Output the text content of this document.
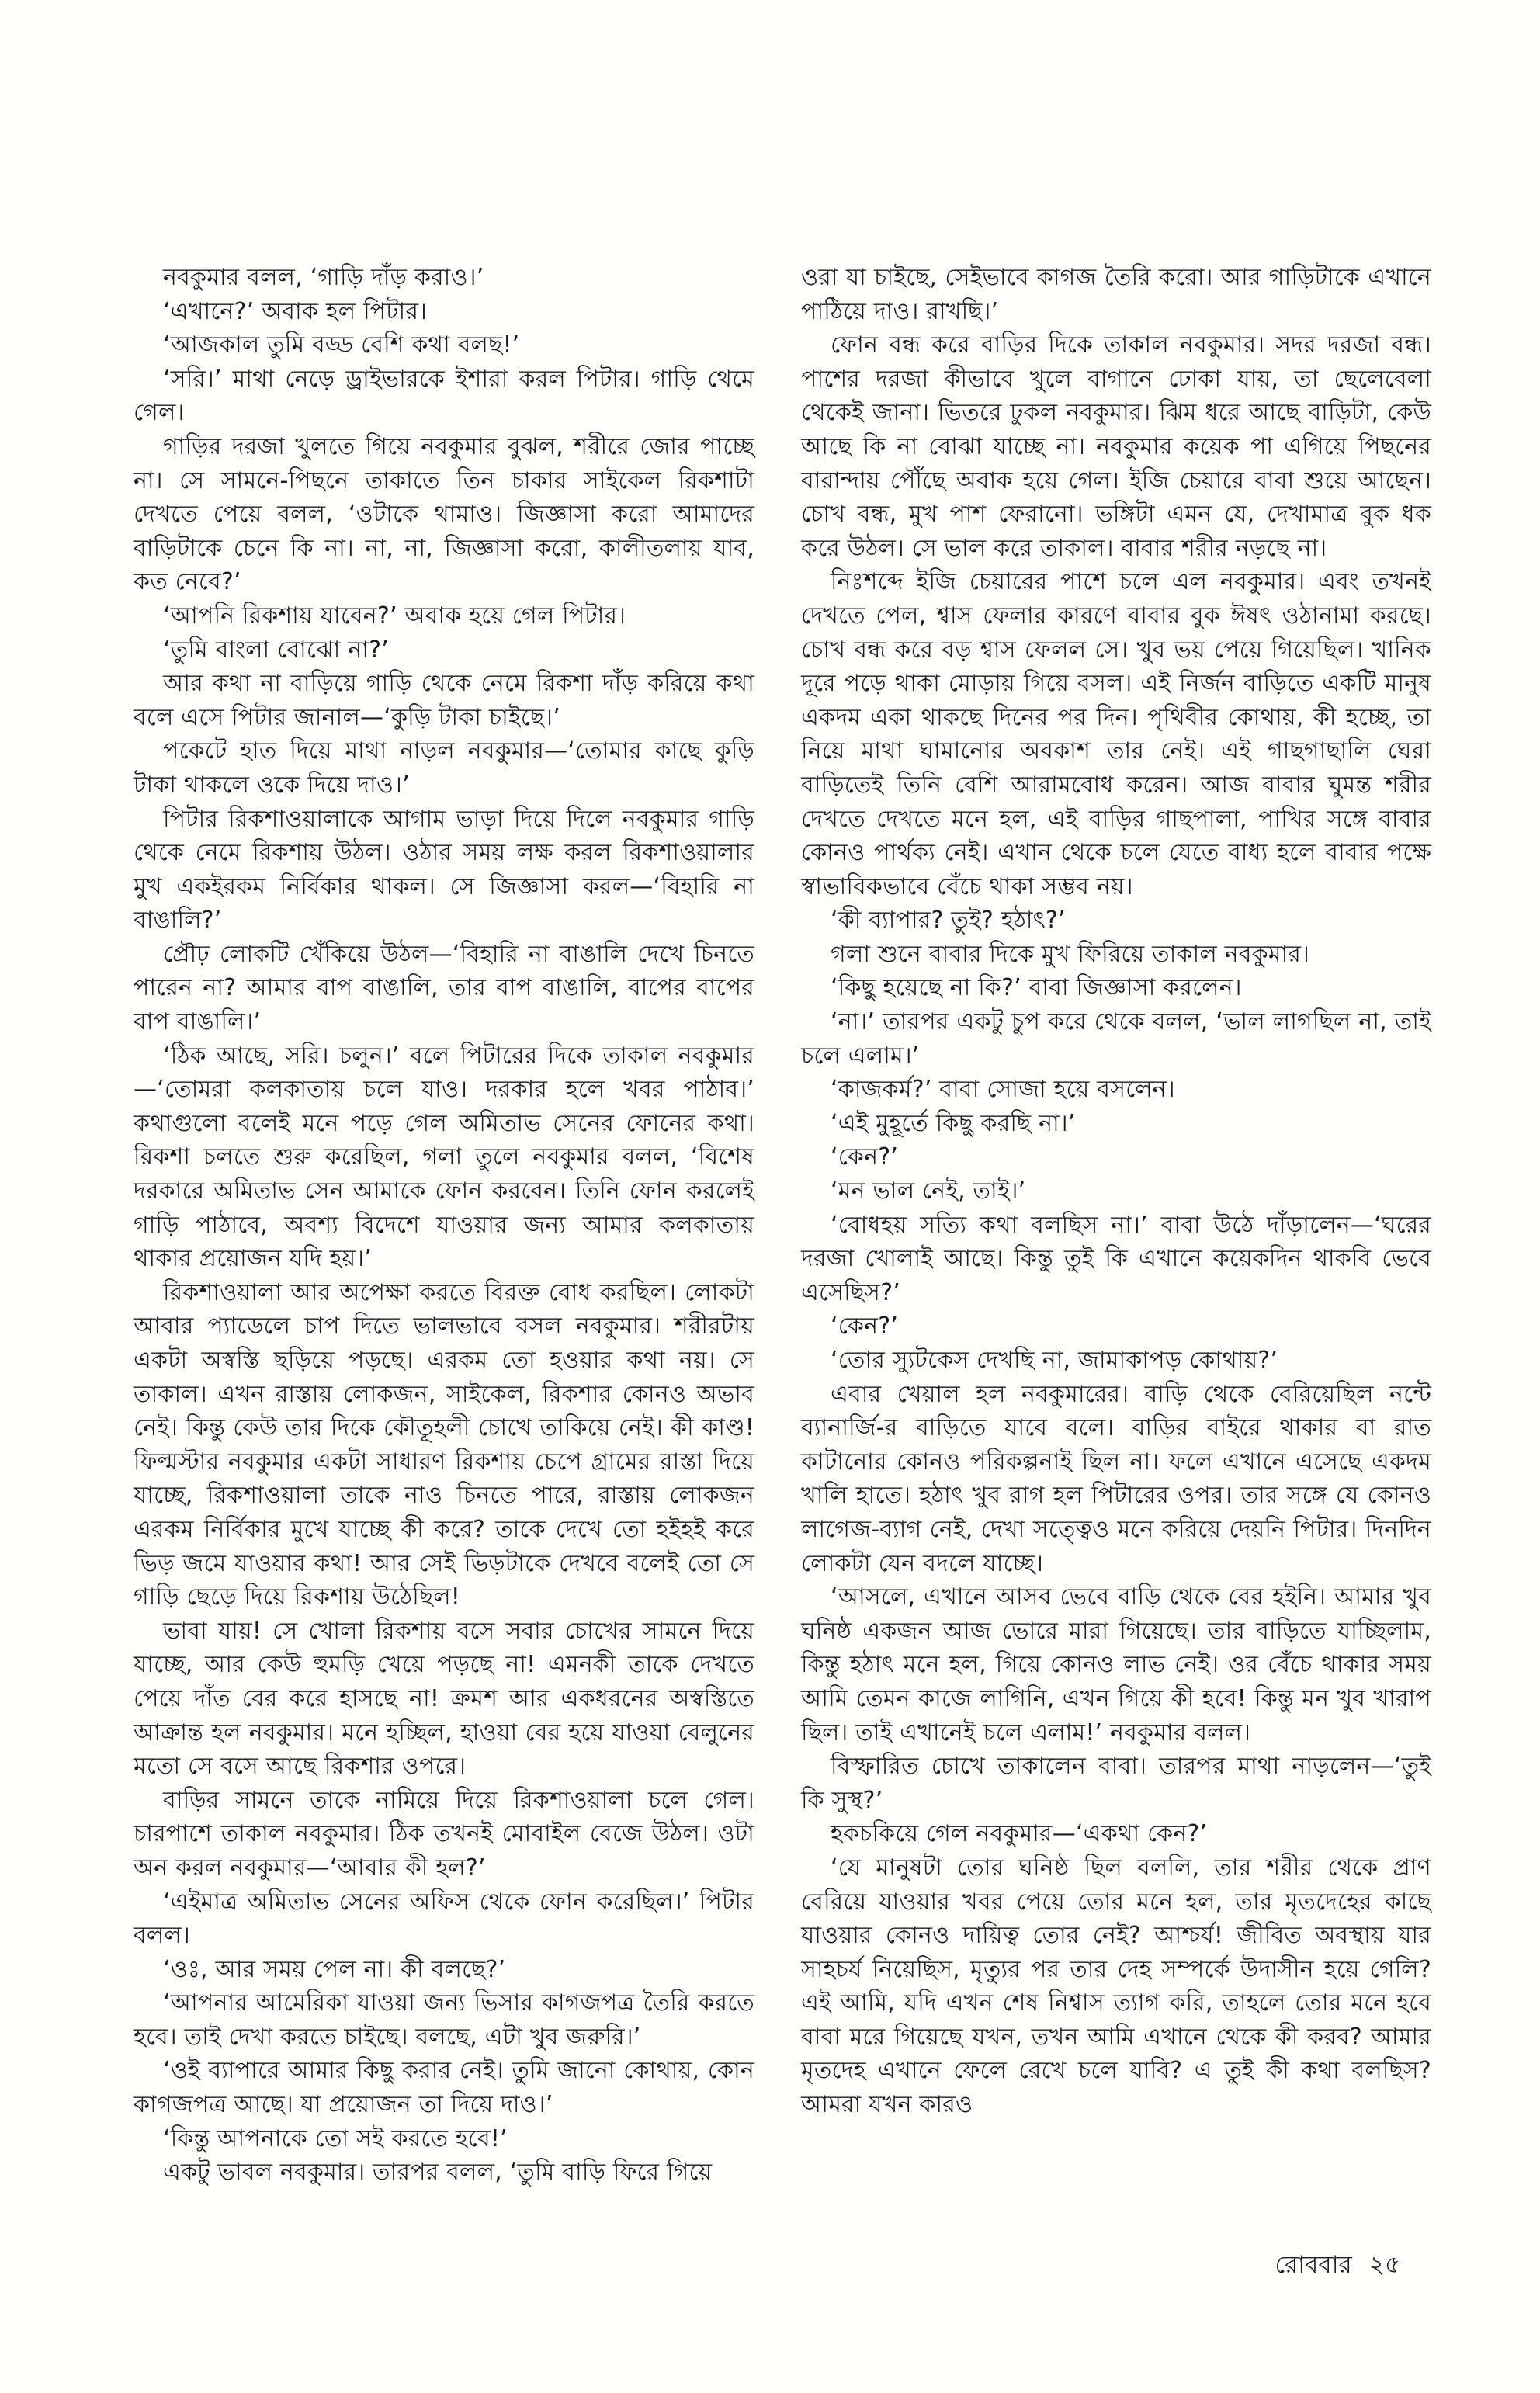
নবকুমার বলল, ‘গাড়ি দাঁড় করাও।’

‘এখানে?’ অবাক হল পিটার।

‘আজকাল তুমি বড্ড বেশি কথা বলছ!’

‘সরি।’ মাথা নেড়ে ড্রাইভারকে ইশারা করল পিটার। গাড়ি থেমে গেল।

গাড়ির দরজা খুলতে গিয়ে নবকুমার বুঝল, শরীরে জোর পাচ্ছে না। সে সামনে-পিছনে তাকাতে তিন চাকার সাইকেল রিকশাটা দেখতে পেয়ে বলল, ‘ওটাকে থামাও। জিজ্ঞাসা করো আমাদের বাড়িটাকে চেনে কি না। না, না, জিজ্ঞাসা করো, কালীতলায় যাব, কত নেবে?’

‘আপনি রিকশায় যাবেন?’ অবাক হয়ে গেল পিটার।

‘তুমি বাংলা বোঝো না?’

আর কথা না বাড়িয়ে গাড়ি থেকে নেমে রিকশা দাঁড় করিয়ে কথা বলে এসে পিটার জানাল—‘কুড়ি টাকা চাইছে।’

পকেটে হাত দিয়ে মাথা নাড়ল নবকুমার—‘তোমার কাছে কুড়ি টাকা থাকলে ওকে দিয়ে দাও।’

পিটার রিকশাওয়ালাকে আগাম ভাড়া দিয়ে দিলে নবকুমার গাড়ি থেকে নেমে রিকশায় উঠল। ওঠার সময় লক্ষ করল রিকশাওয়ালার মুখ একইরকম নির্বিকার থাকল। সে জিজ্ঞাসা করল—‘বিহারি না বাঙালি?’

প্রৌঢ় লোকটি খেঁকিয়ে উঠল—‘বিহারি না বাঙালি দেখে চিনতে পারেন না? আমার বাপ বাঙালি, তার বাপ বাঙালি, বাপের বাপের বাপ বাঙালি।’

‘ঠিক আছে, সরি। চলুন।’ বলে পিটারের দিকে তাকাল নবকুমার—‘তোমরা কলকাতায় চলে যাও। দরকার হলে খবর পাঠাব।’ কথাগুলো বলেই মনে পড়ে গেল অমিতাভ সেনের ফোনের কথা। রিকশা চলতে শুরু করেছিল, গলা তুলে নবকুমার বলল, ‘বিশেষ দরকারে অমিতাভ সেন আমাকে ফোন করবেন। তিনি ফোন করলেই গাড়ি পাঠাবে, অবশ্য বিদেশে যাওয়ার জন্য আমার কলকাতায় থাকার প্রয়োজন যদি হয়।’

রিকশাওয়ালা আর অপেক্ষা করতে বিরক্ত বোধ করছিল। লোকটা আবার প্যাডেলে চাপ দিতে ভালভাবে বসল নবকুমার। শরীরটায় একটা অস্বস্তি ছড়িয়ে পড়ছে। এরকম তো হওয়ার কথা নয়। সে তাকাল। এখন রাস্তায় লোকজন, সাইকেল, রিকশার কোনও অভাব নেই। কিন্তু কেউ তার দিকে কৌতূহলী চোখে তাকিয়ে নেই। কী কাণ্ড! ফিল্মস্টার নবকুমার একটা সাধারণ রিকশায় চেপে গ্রামের রাস্তা দিয়ে যাচ্ছে, রিকশাওয়ালা তাকে নাও চিনতে পারে, রাস্তায় লোকজন এরকম নির্বিকার মুখে যাচ্ছে কী করে? তাকে দেখে তো হইহই করে ভিড় জমে যাওয়ার কথা! আর সেই ভিড়টাকে দেখবে বলেই তো সে গাড়ি ছেড়ে দিয়ে রিকশায় উঠেছিল!

ভাবা যায়! সে খোলা রিকশায় বসে সবার চোখের সামনে দিয়ে যাচ্ছে, আর কেউ হুমড়ি খেয়ে পড়ছে না! এমনকী তাকে দেখতে পেয়ে দাঁত বের করে হাসছে না! ক্রমশ আর একধরনের অস্বস্তিতে আক্রান্ত হল নবকুমার। মনে হচ্ছিল, হাওয়া বের হয়ে যাওয়া বেলুনের মতো সে বসে আছে রিকশার ওপরে।

বাড়ির সামনে তাকে নামিয়ে দিয়ে রিকশাওয়ালা চলে গেল। চারপাশে তাকাল নবকুমার। ঠিক তখনই মোবাইল বেজে উঠল। ওটা অন করল নবকুমার—‘আবার কী হল?’

‘এইমাত্র অমিতাভ সেনের অফিস থেকে ফোন করেছিল।’ পিটার বলল।

‘ওঃ, আর সময় পেল না। কী বলছে?’

‘আপনার আমেরিকা যাওয়া জন্য ভিসার কাগজপত্র তৈরি করতে হবে। তাই দেখা করতে চাইছে। বলছে, এটা খুব জরুরি।’

‘ওই ব্যাপারে আমার কিছু করার নেই। তুমি জানো কোথায়, কোন কাগজপত্র আছে। যা প্রয়োজন তা দিয়ে দাও।’

‘কিন্তু আপনাকে তো সই করতে হবে!’

একটু ভাবল নবকুমার। তারপর বলল, ‘তুমি বাড়ি ফিরে গিয়ে

ওরা যা চাইছে, সেইভাবে কাগজ তৈরি করো। আর গাড়িটাকে এখানে পাঠিয়ে দাও। রাখছি।’

ফোন বন্ধ করে বাড়ির দিকে তাকাল নবকুমার। সদর দরজা বন্ধ। পাশের দরজা কীভাবে খুলে বাগানে ঢোকা যায়, তা ছেলেবেলা থেকেই জানা। ভিতরে ঢুকল নবকুমার। ঝিম ধরে আছে বাড়িটা, কেউ আছে কি না বোঝা যাচ্ছে না। নবকুমার কয়েক পা এগিয়ে পিছনের বারান্দায় পৌঁছে অবাক হয়ে গেল। ইজি চেয়ারে বাবা শুয়ে আছেন। চোখ বন্ধ, মুখ পাশ ফেরানো। ভঙ্গিটা এমন যে, দেখামাত্র বুক ধক করে উঠল। সে ভাল করে তাকাল। বাবার শরীর নড়ছে না।

নিঃশব্দে ইজি চেয়ারের পাশে চলে এল নবকুমার। এবং তখনই দেখতে পেল, শ্বাস ফেলার কারণে বাবার বুক ঈষৎ ওঠানামা করছে। চোখ বন্ধ করে বড় শ্বাস ফেলল সে। খুব ভয় পেয়ে গিয়েছিল। খানিক দূরে পড়ে থাকা মোড়ায় গিয়ে বসল। এই নির্জন বাড়িতে একটি মানুষ একদম একা থাকছে দিনের পর দিন। পৃথিবীর কোথায়, কী হচ্ছে, তা নিয়ে মাথা ঘামানোর অবকাশ তার নেই। এই গাছগাছালি ঘেরা বাড়িতেই তিনি বেশি আরামবোধ করেন। আজ বাবার ঘুমন্ত শরীর দেখতে দেখতে মনে হল, এই বাড়ির গাছপালা, পাখির সঙ্গে বাবার কোনও পার্থক্য নেই। এখান থেকে চলে যেতে বাধ্য হলে বাবার পক্ষে স্বাভাবিকভাবে বেঁচে থাকা সম্ভব নয়।

‘কী ব্যাপার? তুই? হঠাৎ?’

গলা শুনে বাবার দিকে মুখ ফিরিয়ে তাকাল নবকুমার।

‘কিছু হয়েছে না কি?’ বাবা জিজ্ঞাসা করলেন।

‘না।’ তারপর একটু চুপ করে থেকে বলল, ‘ভাল লাগছিল না, তাই চলে এলাম।’

‘কাজকর্ম?’ বাবা সোজা হয়ে বসলেন।

‘এই মুহূর্তে কিছু করছি না।’

‘কেন?’

‘মন ভাল নেই, তাই।’

‘বোধহয় সত্যি কথা বলছিস না।’ বাবা উঠে দাঁড়ালেন—‘ঘরের দরজা খোলাই আছে। কিন্তু তুই কি এখানে কয়েকদিন থাকবি ভেবে এসেছিস?’

‘কেন?’

‘তোর স্যুটকেস দেখছি না, জামাকাপড় কোথায়?’

এবার খেয়াল হল নবকুমারের। বাড়ি থেকে বেরিয়েছিল নন্টে ব্যানার্জি-র বাড়িতে যাবে বলে। বাড়ির বাইরে থাকার বা রাত কাটানোর কোনও পরিকল্পনাই ছিল না। ফলে এখানে এসেছে একদম খালি হাতে। হঠাৎ খুব রাগ হল পিটারের ওপর। তার সঙ্গে যে কোনও লাগেজ-ব্যাগ নেই, দেখা সত্ত্বেও মনে করিয়ে দেয়নি পিটার। দিনদিন লোকটা যেন বদলে যাচ্ছে।

‘আসলে, এখানে আসব ভেবে বাড়ি থেকে বের হইনি। আমার খুব ঘনিষ্ঠ একজন আজ ভোরে মারা গিয়েছে। তার বাড়িতে যাচ্ছিলাম, কিন্তু হঠাৎ মনে হল, গিয়ে কোনও লাভ নেই। ওর বেঁচে থাকার সময় আমি তেমন কাজে লাগিনি, এখন গিয়ে কী হবে! কিন্তু মন খুব খারাপ ছিল। তাই এখানেই চলে এলাম!’ নবকুমার বলল।

বিস্ফারিত চোখে তাকালেন বাবা। তারপর মাথা নাড়লেন—‘তুই কি সুস্থ?’

হকচকিয়ে গেল নবকুমার—‘একথা কেন?’

‘যে মানুষটা তোর ঘনিষ্ঠ ছিল বললি, তার শরীর থেকে প্রাণ বেরিয়ে যাওয়ার খবর পেয়ে তোর মনে হল, তার মৃতদেহের কাছে যাওয়ার কোনও দায়িত্ব তোর নেই? আশ্চর্য! জীবিত অবস্থায় যার সাহচর্য নিয়েছিস, মৃত্যুর পর তার দেহ সম্পর্কে উদাসীন হয়ে গেলি? এই আমি, যদি এখন শেষ নিশ্বাস ত্যাগ করি, তাহলে তোর মনে হবে বাবা মরে গিয়েছে যখন, তখন আমি এখানে থেকে কী করব? আমার মৃতদেহ এখানে ফেলে রেখে চলে যাবি? এ তুই কী কথা বলছিস? আমরা যখন কারও

রোববার ২৫
